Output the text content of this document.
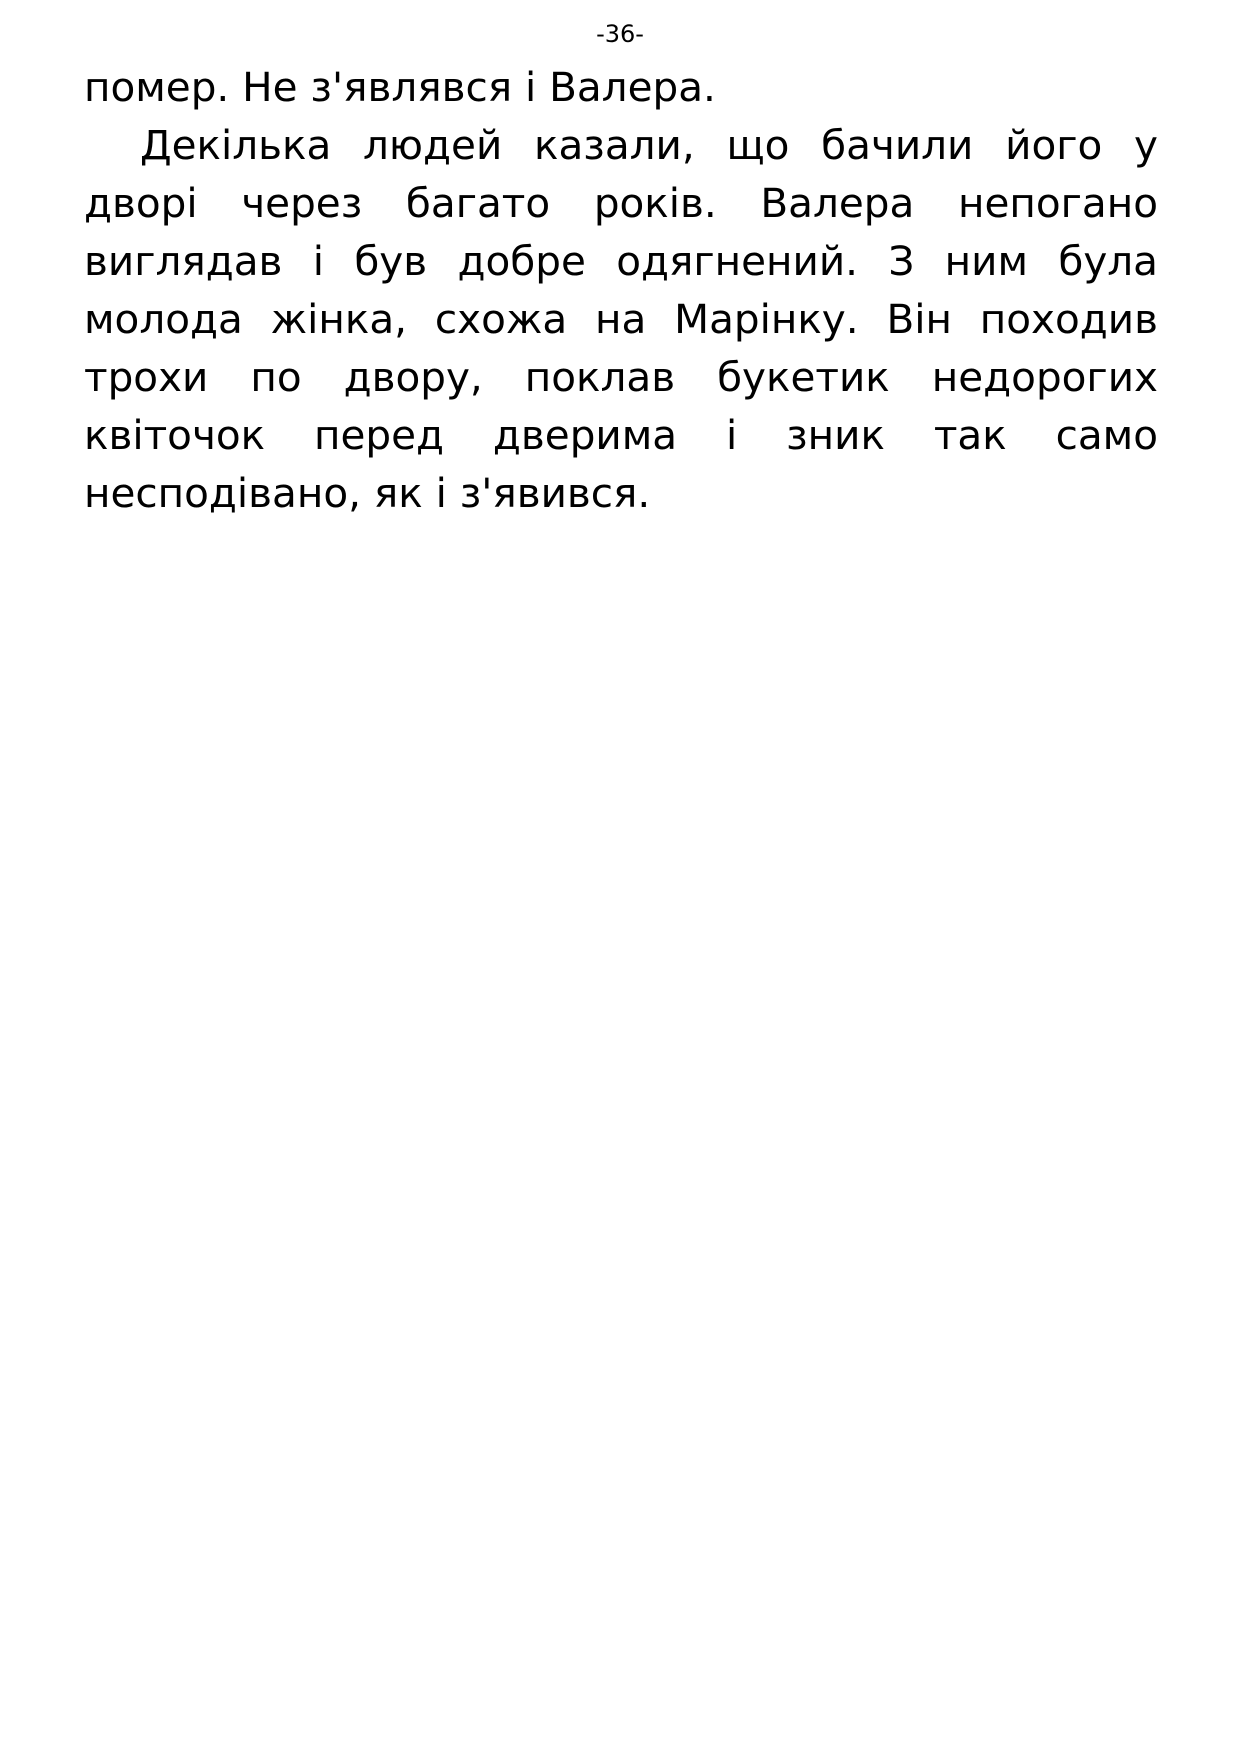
-36-

помер. Не з'являвся і Валера.

Декілька людей казали, що бачили його у дворі через багато років. Валера непогано виглядав і був добре одягнений. З ним була молода жінка, схожа на Марінку. Він походив трохи по двору, поклав букетик недорогих квіточок перед дверима і зник так само несподівано, як і з'явився.
